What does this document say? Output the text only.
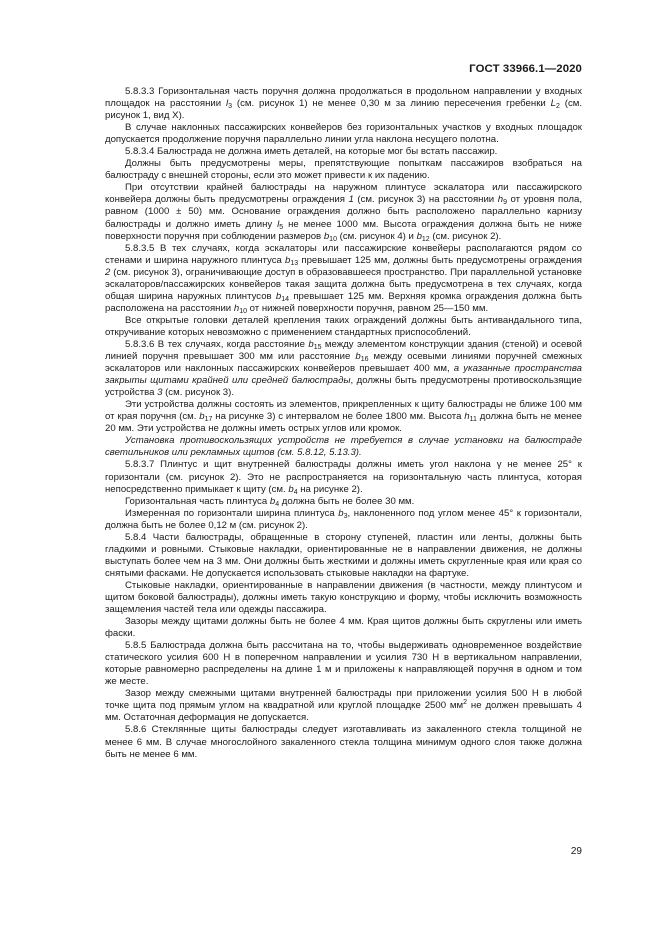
ГОСТ 33966.1—2020

5.8.3.3 Горизонтальная часть поручня должна продолжаться в продольном направлении у входных площадок на расстоянии $l_3$ (см. рисунок 1) не менее 0,30 м за линию пересечения гребенки $L_2$ (см. рисунок 1, вид Х).

В случае наклонных пассажирских конвейеров без горизонтальных участков у входных площадок допускается продолжение поручня параллельно линии угла наклона несущего полотна.

5.8.3.4 Балюстрада не должна иметь деталей, на которые мог бы встать пассажир.

Должны быть предусмотрены меры, препятствующие попыткам пассажиров взобраться на балюстраду с внешней стороны, если это может привести к их падению.

При отсутствии крайней балюстрады на наружном плинтусе эскалатора или пассажирского конвейера должны быть предусмотрены ограждения 1 (см. рисунок 3) на расстоянии $h_9$ от уровня пола, равном (1000 ± 50) мм. Основание ограждения должно быть расположено параллельно карнизу балюстрады и должно иметь длину $l_5$ не менее 1000 мм. Высота ограждения должна быть не ниже поверхности поручня при соблюдении размеров $b_{10}$ (см. рисунок 4) и $b_{12}$ (см. рисунок 2).

5.8.3.5 В тех случаях, когда эскалаторы или пассажирские конвейеры располагаются рядом со стенами и ширина наружного плинтуса $b_{13}$ превышает 125 мм, должны быть предусмотрены ограждения 2 (см. рисунок 3), ограничивающие доступ в образовавшееся пространство. При параллельной установке эскалаторов/пассажирских конвейеров такая защита должна быть предусмотрена в тех случаях, когда общая ширина наружных плинтусов $b_{14}$ превышает 125 мм. Верхняя кромка ограждения должна быть расположена на расстоянии $h_{10}$ от нижней поверхности поручня, равном 25—150 мм.

Все открытые головки деталей крепления таких ограждений должны быть антивандального типа, откручивание которых невозможно с применением стандартных приспособлений.

5.8.3.6 В тех случаях, когда расстояние $b_{15}$ между элементом конструкции здания (стеной) и осевой линией поручня превышает 300 мм или расстояние $b_{16}$ между осевыми линиями поручней смежных эскалаторов или наклонных пассажирских конвейеров превышает 400 мм, а указанные пространства закрыты щитами крайней или средней балюстрады, должны быть предусмотрены противоскользящие устройства 3 (см. рисунок 3).

Эти устройства должны состоять из элементов, прикрепленных к щиту балюстрады не ближе 100 мм от края поручня (см. $b_{17}$ на рисунке 3) с интервалом не более 1800 мм. Высота $h_{11}$ должна быть не менее 20 мм. Эти устройства не должны иметь острых углов или кромок.

Установка противоскользящих устройств не требуется в случае установки на балюстраде светильников или рекламных щитов (см. 5.8.12, 5.13.3).

5.8.3.7 Плинтус и щит внутренней балюстрады должны иметь угол наклона γ не менее 25° к горизонтали (см. рисунок 2). Это не распространяется на горизонтальную часть плинтуса, которая непосредственно примыкает к щиту (см. $b_4$ на рисунке 2).

Горизонтальная часть плинтуса $b_4$ должна быть не более 30 мм.

Измеренная по горизонтали ширина плинтуса $b_3$, наклоненного под углом менее 45° к горизонтали, должна быть не более 0,12 м (см. рисунок 2).

5.8.4 Части балюстрады, обращенные в сторону ступеней, пластин или ленты, должны быть гладкими и ровными. Стыковые накладки, ориентированные не в направлении движения, не должны выступать более чем на 3 мм. Они должны быть жесткими и должны иметь скругленные края или края со снятыми фасками. Не допускается использовать стыковые накладки на фартуке.

Стыковые накладки, ориентированные в направлении движения (в частности, между плинтусом и щитом боковой балюстрады), должны иметь такую конструкцию и форму, чтобы исключить возможность защемления частей тела или одежды пассажира.

Зазоры между щитами должны быть не более 4 мм. Края щитов должны быть скруглены или иметь фаски.

5.8.5 Балюстрада должна быть рассчитана на то, чтобы выдерживать одновременное воздействие статического усилия 600 Н в поперечном направлении и усилия 730 Н в вертикальном направлении, которые равномерно распределены на длине 1 м и приложены к направляющей поручня в одном и том же месте.

Зазор между смежными щитами внутренней балюстрады при приложении усилия 500 Н в любой точке щита под прямым углом на квадратной или круглой площадке 2500 $мм^2$ не должен превышать 4 мм. Остаточная деформация не допускается.

5.8.6 Стеклянные щиты балюстрады следует изготавливать из закаленного стекла толщиной не менее 6 мм. В случае многослойного закаленного стекла толщина минимум одного слоя также должна быть не менее 6 мм.

29
